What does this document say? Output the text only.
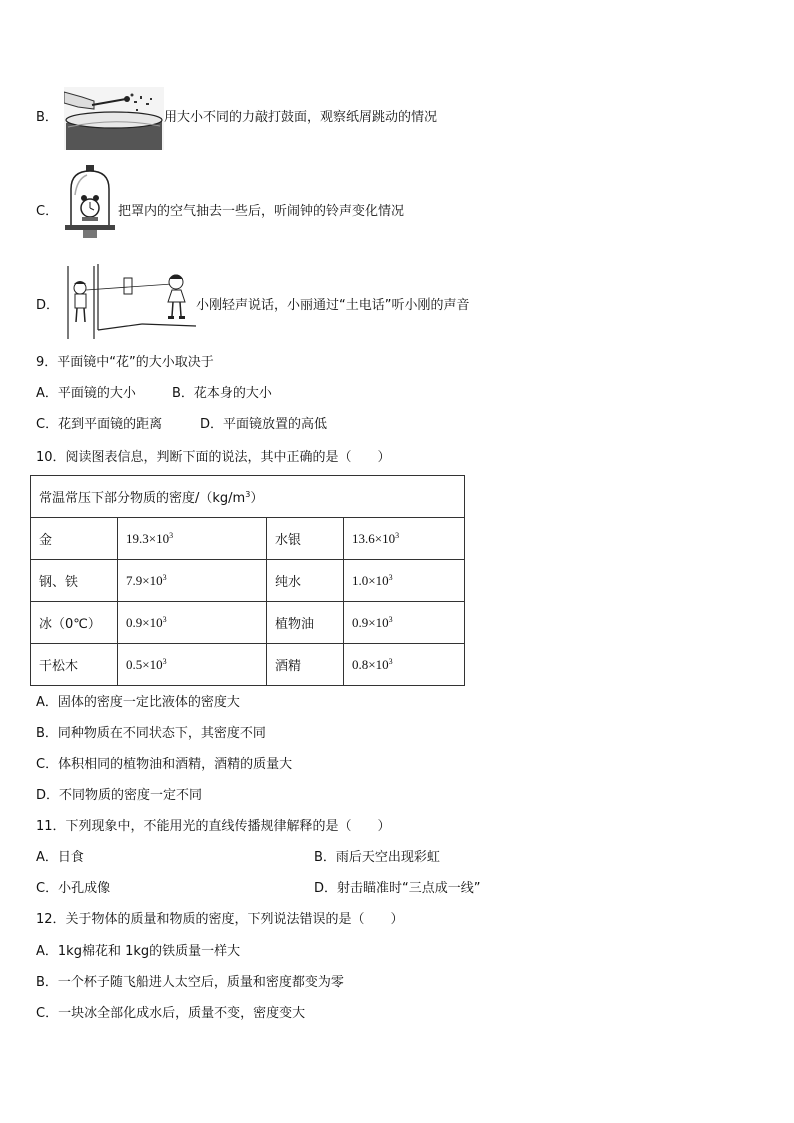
B．	用大小不同的力敲打鼓面，观察纸屑跳动的情况
C．	把罩内的空气抽去一些后，听闹钟的铃声变化情况
D．	小刚轻声说话，小丽通过“土电话”听小刚的声音
9．平面镜中“花”的大小取决于
A．平面镜的大小	B．花本身的大小
C．花到平面镜的距离	D．平面镜放置的高低
10．阅读图表信息，判断下面的说法，其中正确的是（　　）
常温常压下部分物质的密度$/(kg/m^3)$			
金	$19.3\times 10^3$	水银	$13.6\times 10^3$
钢、铁	$7.9\times 10^3$	纯水	$1.0\times 10^3$
冰（0℃）	$0.9\times 10^3$	植物油	$0.9\times 10^3$
干松木	$0.5\times 10^3$	酒精	$0.8\times 10^3$
A．固体的密度一定比液体的密度大
B．同种物质在不同状态下，其密度不同
C．体积相同的植物油和酒精，酒精的质量大
D．不同物质的密度一定不同
11．下列现象中，不能用光的直线传播规律解释的是（　　）
A．日食	B．雨后天空出现彩虹
C．小孔成像	D．射击瞄准时“三点成一线”
12．关于物体的质量和物质的密度，下列说法错误的是（　　）
A．1kg棉花和 1kg的铁质量一样大
B．一个杯子随飞船进人太空后，质量和密度都变为零
C．一块冰全部化成水后，质量不变，密度变大
